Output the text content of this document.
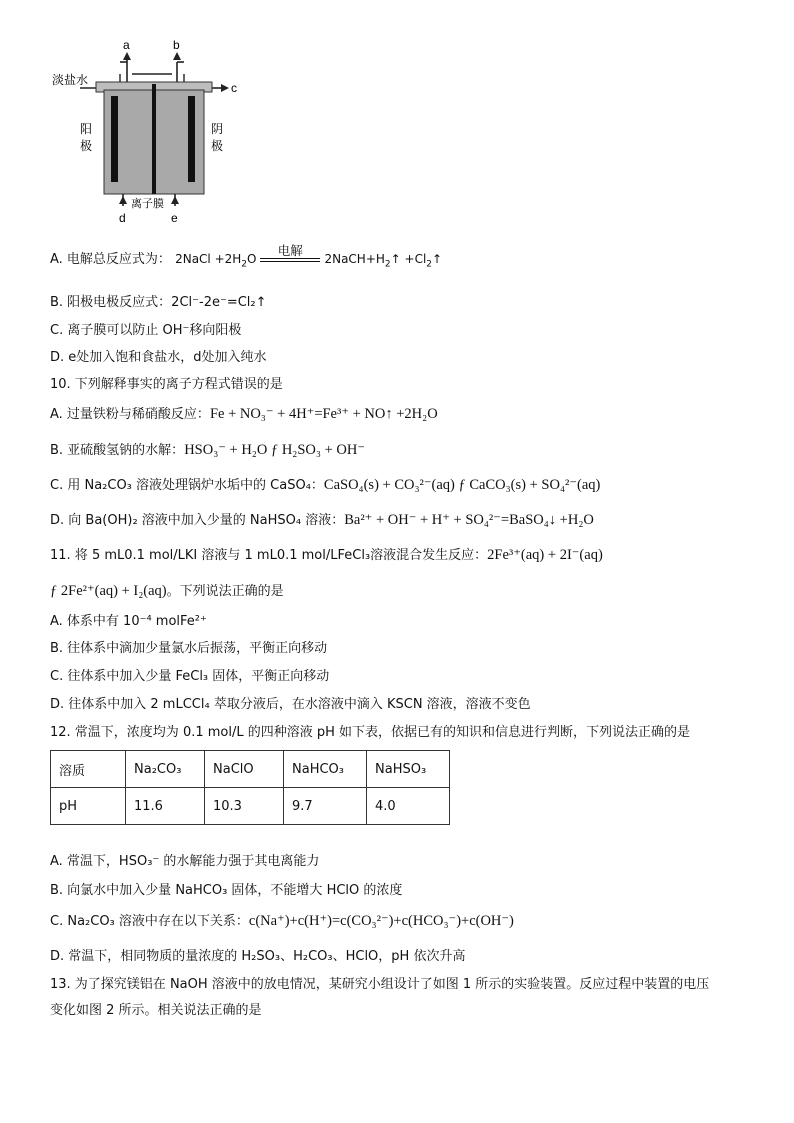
a	b
c
淡盐水
阳
极
阴
极
离子膜
d	e
A. 电解总反应式为： 2NaCl $+2H_2O$
电解
$2NaCH+H_2↑$ $+Cl_2↑$
B. 阳极电极反应式：2Cl⁻-2e⁻=Cl₂↑
C. 离子膜可以防止 OH⁻移向阳极
D. e处加入饱和食盐水，d处加入纯水
10. 下列解释事实的离子方程式错误的是
A. 过量铁粉与稀硝酸反应：Fe + NO₃⁻ + 4H⁺=Fe³⁺ + NO↑ +2H₂O
B. 亚硫酸氢钠的水解：HSO₃⁻ + H₂O ƒ H₂SO₃ + OH⁻
C. 用 Na₂CO₃ 溶液处理锅炉水垢中的 CaSO₄：CaSO₄(s) + CO₃²⁻(aq) ƒ CaCO₃(s) + SO₄²⁻(aq)
D. 向 Ba(OH)₂ 溶液中加入少量的 NaHSO₄ 溶液：Ba²⁺ + OH⁻ + H⁺ + SO₄²⁻=BaSO₄↓ +H₂O
11. 将 5 mL0.1 mol/LKI 溶液与 1 mL0.1 mol/LFeCl₃溶液混合发生反应：2Fe³⁺(aq) + 2I⁻(aq)
ƒ 2Fe²⁺(aq) + I₂(aq)。下列说法正确的是
A. 体系中有 10⁻⁴ molFe²⁺
B. 往体系中滴加少量氯水后振荡，平衡正向移动
C. 往体系中加入少量 FeCl₃ 固体，平衡正向移动
D. 往体系中加入 2 mLCCl₄ 萃取分液后，在水溶液中滴入 KSCN 溶液，溶液不变色
12. 常温下，浓度均为 0.1 mol/L 的四种溶液 pH 如下表，依据已有的知识和信息进行判断，下列说法正确的是
溶质	Na₂CO₃	NaClO	NaHCO₃	NaHSO₃
pH	11.6	10.3	9.7	4.0
A. 常温下，HSO₃⁻ 的水解能力强于其电离能力
B. 向氯水中加入少量 NaHCO₃ 固体，不能增大 HClO 的浓度
C. Na₂CO₃ 溶液中存在以下关系：c(Na⁺)+c(H⁺)=c(CO₃²⁻)+c(HCO₃⁻)+c(OH⁻)
D. 常温下，相同物质的量浓度的 H₂SO₃、H₂CO₃、HClO，pH 依次升高
13. 为了探究镁铝在 NaOH 溶液中的放电情况，某研究小组设计了如图 1 所示的实验装置。反应过程中装置的电压
变化如图 2 所示。相关说法正确的是
